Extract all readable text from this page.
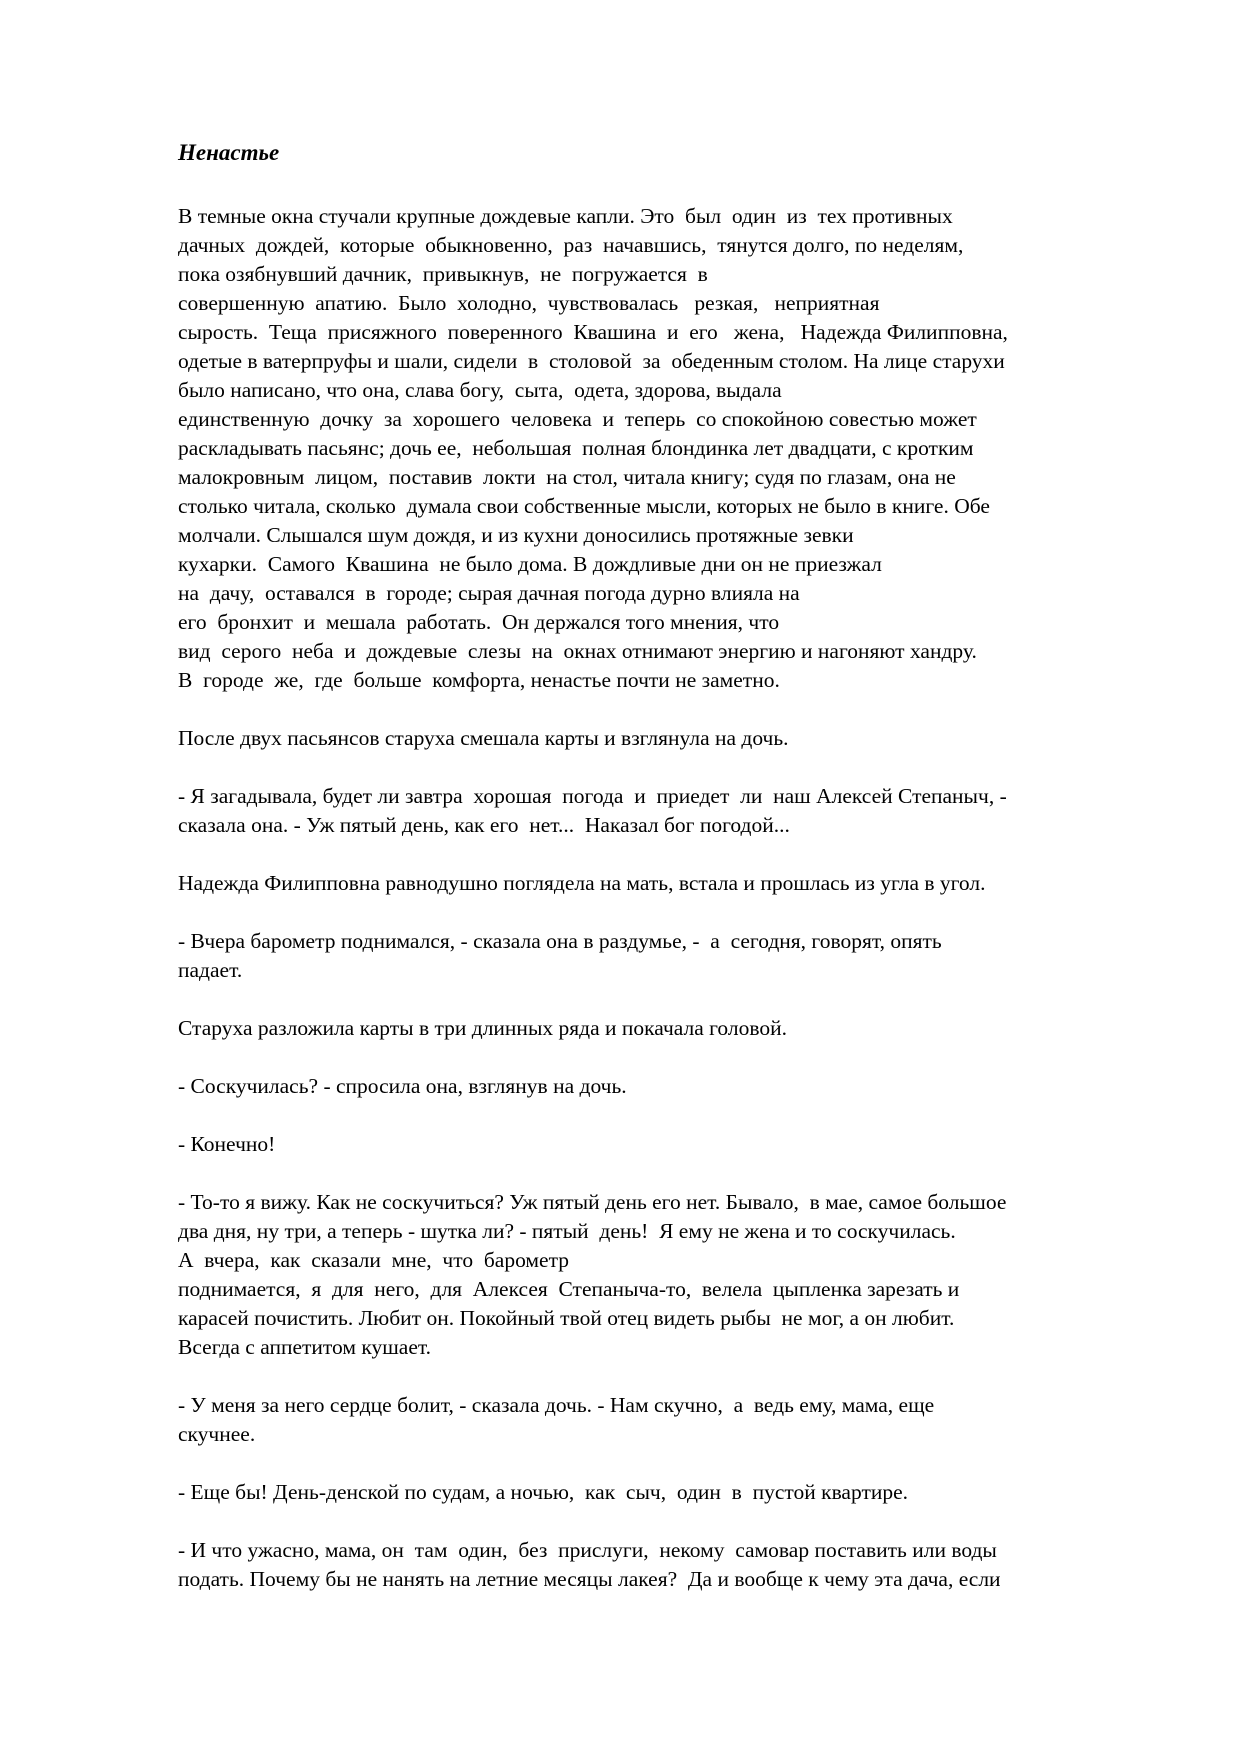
Ненастье

В темные окна стучали крупные дождевые капли. Это  был  один  из  тех противных
дачных  дождей,  которые  обыкновенно,  раз  начавшись,  тянутся долго, по неделям,
пока озябнувший дачник,  привыкнув,  не  погружается  в
совершенную  апатию.  Было  холодно,  чувствовалась   резкая,   неприятная
сырость.  Теща  присяжного  поверенного  Квашина  и  его   жена,   Надежда Филипповна,
одетые в ватерпруфы и шали, сидели  в  столовой  за  обеденным столом. На лице старухи
было написано, что она, слава богу,  сыта,  одета, здорова, выдала
единственную  дочку  за  хорошего  человека  и  теперь  со спокойною совестью может
раскладывать пасьянс; дочь ее,  небольшая  полная блондинка лет двадцати, с кротким
малокровным  лицом,  поставив  локти  на стол, читала книгу; судя по глазам, она не
столько читала, сколько  думала свои собственные мысли, которых не было в книге. Обе
молчали. Слышался шум дождя, и из кухни доносились протяжные зевки
кухарки.  Самого  Квашина  не было дома. В дождливые дни он не приезжал
на  дачу,  оставался  в  городе; сырая дачная погода дурно влияла на
его  бронхит  и  мешала  работать.  Он держался того мнения, что
вид  серого  неба  и  дождевые  слезы  на  окнах отнимают энергию и нагоняют хандру.
В  городе  же,  где  больше  комфорта, ненастье почти не заметно.

После двух пасьянсов старуха смешала карты и взглянула на дочь.

- Я загадывала, будет ли завтра  хорошая  погода  и  приедет  ли  наш Алексей Степаныч, -
сказала она. - Уж пятый день, как его  нет...  Наказал бог погодой...

Надежда Филипповна равнодушно поглядела на мать, встала и прошлась из угла в угол.

- Вчера барометр поднимался, - сказала она в раздумье, -  а  сегодня, говорят, опять
падает.

Старуха разложила карты в три длинных ряда и покачала головой.

- Соскучилась? - спросила она, взглянув на дочь.

- Конечно!

- То-то я вижу. Как не соскучиться? Уж пятый день его нет. Бывало,  в мае, самое большое
два дня, ну три, а теперь - шутка ли? - пятый  день!  Я ему не жена и то соскучилась.
А  вчера,  как  сказали  мне,  что  барометр
поднимается,  я  для  него,  для  Алексея  Степаныча-то,  велела  цыпленка зарезать и
карасей почистить. Любит он. Покойный твой отец видеть рыбы  не мог, а он любит.
Всегда с аппетитом кушает.

- У меня за него сердце болит, - сказала дочь. - Нам скучно,  а  ведь ему, мама, еще
скучнее.

- Еще бы! День-денской по судам, а ночью,  как  сыч,  один  в  пустой квартире.

- И что ужасно, мама, он  там  один,  без  прислуги,  некому  самовар поставить или воды
подать. Почему бы не нанять на летние месяцы лакея?  Да и вообще к чему эта дача, если
